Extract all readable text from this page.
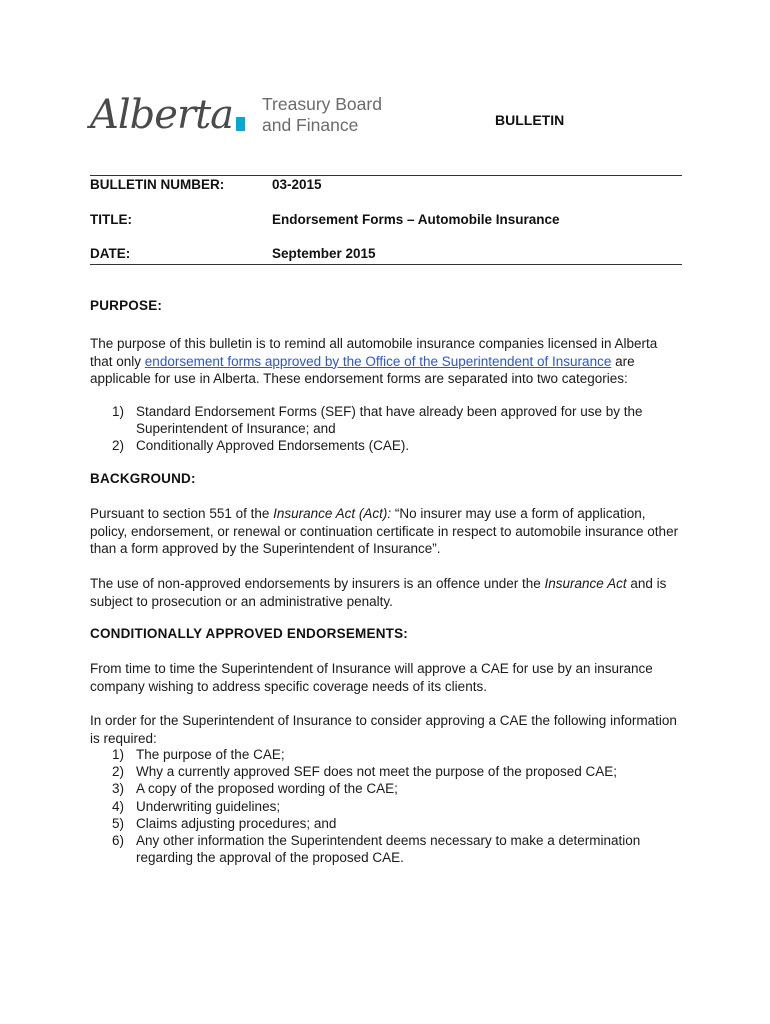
Alberta Treasury Board
and Finance	BULLETIN
BULLETIN NUMBER:	03-2015
TITLE:	Endorsement Forms – Automobile Insurance
DATE:	September 2015
PURPOSE:
The purpose of this bulletin is to remind all automobile insurance companies licensed in Alberta that only endorsement forms approved by the Office of the Superintendent of Insurance are applicable for use in Alberta. These endorsement forms are separated into two categories:
1) Standard Endorsement Forms (SEF) that have already been approved for use by the Superintendent of Insurance; and
2) Conditionally Approved Endorsements (CAE).
BACKGROUND:
Pursuant to section 551 of the Insurance Act (Act): “No insurer may use a form of application, policy, endorsement, or renewal or continuation certificate in respect to automobile insurance other than a form approved by the Superintendent of Insurance”.
The use of non-approved endorsements by insurers is an offence under the Insurance Act and is subject to prosecution or an administrative penalty.
CONDITIONALLY APPROVED ENDORSEMENTS:
From time to time the Superintendent of Insurance will approve a CAE for use by an insurance company wishing to address specific coverage needs of its clients.
In order for the Superintendent of Insurance to consider approving a CAE the following information is required:
1) The purpose of the CAE;
2) Why a currently approved SEF does not meet the purpose of the proposed CAE;
3) A copy of the proposed wording of the CAE;
4) Underwriting guidelines;
5) Claims adjusting procedures; and
6) Any other information the Superintendent deems necessary to make a determination regarding the approval of the proposed CAE.
